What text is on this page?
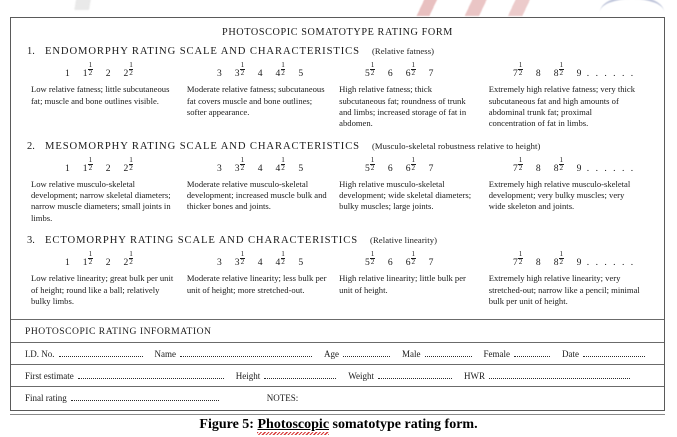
PHOTOSCOPIC SOMATOTYPE RATING FORM
1. ENDOMORPHY RATING SCALE AND CHARACTERISTICS (Relative fatness)
1 $1 \frac{1}{2} 2$ $2 \frac{1}{2}$	3 $3 \frac{1}{2} 4$ $4 \frac{1}{2} 5$	$5 \frac{1}{2} 6$ $6 \frac{1}{2} 7$	$7 \frac{1}{2} 8$ $8 \frac{1}{2} 9$ . . . . . .
Low relative fatness; little subcutaneous fat; muscle and bone outlines visible.
Moderate relative fatness; subcutaneous fat covers muscle and bone outlines; softer appearance.
High relative fatness; thick subcutaneous fat; roundness of trunk and limbs; increased storage of fat in abdomen.
Extremely high relative fatness; very thick subcutaneous fat and high amounts of abdominal trunk fat; proximal concentration of fat in limbs.
2. MESOMORPHY RATING SCALE AND CHARACTERISTICS (Musculo-skeletal robustness relative to height)
1 $1 \frac{1}{2} 2$ $2 \frac{1}{2}$	3 $3 \frac{1}{2} 4$ $4 \frac{1}{2} 5$	$5 \frac{1}{2} 6$ $6 \frac{1}{2} 7$	$7 \frac{1}{2} 8$ $8 \frac{1}{2} 9$ . . . . . .
Low relative musculo-skeletal development; narrow skeletal diameters; narrow muscle diameters; small joints in limbs.
Moderate relative musculo-skeletal development; increased muscle bulk and thicker bones and joints.
High relative musculo-skeletal development; wide skeletal diameters; bulky muscles; large joints.
Extremely high relative musculo-skeletal development; very bulky muscles; very wide skeleton and joints.
3. ECTOMORPHY RATING SCALE AND CHARACTERISTICS (Relative linearity)
1 $1 \frac{1}{2} 2$ $2 \frac{1}{2}$	3 $3 \frac{1}{2} 4$ $4 \frac{1}{2} 5$	$5 \frac{1}{2} 6$ $6 \frac{1}{2} 7$	$7 \frac{1}{2} 8$ $8 \frac{1}{2} 9$ . . . . . .
Low relative linearity; great bulk per unit of height; round like a ball; relatively bulky limbs.
Moderate relative linearity; less bulk per unit of height; more stretched-out.
High relative linearity; little bulk per unit of height.
Extremely high relative linearity; very stretched-out; narrow like a pencil; minimal bulk per unit of height.
PHOTOSCOPIC RATING INFORMATION
I.D. No.	Name	Age	Male	Female	Date
First estimate	Height	Weight	HWR
Final rating	NOTES:
Figure 5: Photoscopic somatotype rating form.
